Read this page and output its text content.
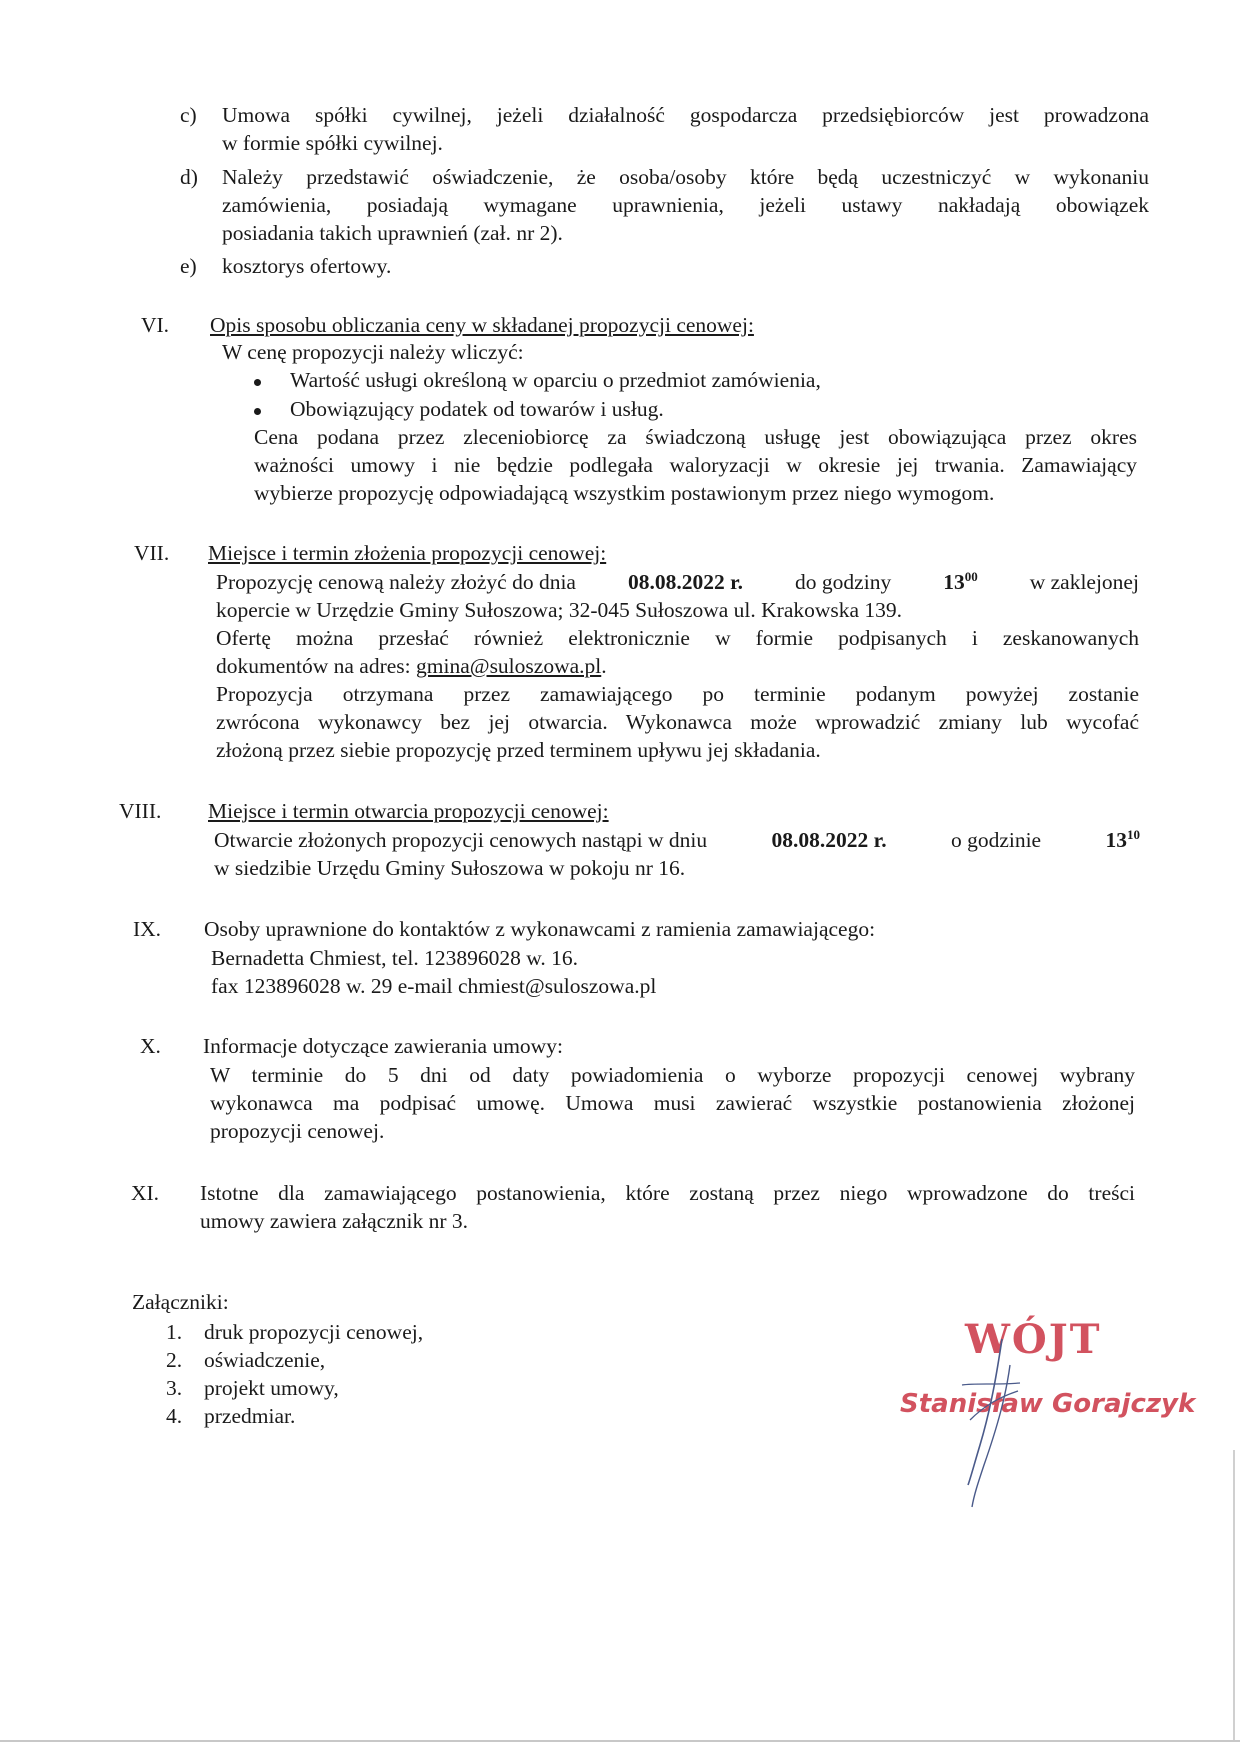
c) Umowa spółki cywilnej, jeżeli działalność gospodarcza przedsiębiorców jest prowadzona
w formie spółki cywilnej.
d) Należy przedstawić oświadczenie, że osoba/osoby które będą uczestniczyć w wykonaniu
zamówienia, posiadają wymagane uprawnienia, jeżeli ustawy nakładają obowiązek
posiadania takich uprawnień (zał. nr 2).
e) kosztorys ofertowy.
VI. Opis sposobu obliczania ceny w składanej propozycji cenowej:
W cenę propozycji należy wliczyć:
Wartość usługi określoną w oparciu o przedmiot zamówienia,
Obowiązujący podatek od towarów i usług.
Cena podana przez zleceniobiorcę za świadczoną usługę jest obowiązująca przez okres
ważności umowy i nie będzie podlegała waloryzacji w okresie jej trwania. Zamawiający
wybierze propozycję odpowiadającą wszystkim postawionym przez niego wymogom.
VII. Miejsce i termin złożenia propozycji cenowej:
Propozycję cenową należy złożyć do dnia 08.08.2022 r. do godziny $13^{00}$ w zaklejonej
kopercie w Urzędzie Gminy Sułoszowa; 32-045 Sułoszowa ul. Krakowska 139.
Ofertę można przesłać również elektronicznie w formie podpisanych i zeskanowanych
dokumentów na adres: gmina@suloszowa.pl.
Propozycja otrzymana przez zamawiającego po terminie podanym powyżej zostanie
zwrócona wykonawcy bez jej otwarcia. Wykonawca może wprowadzić zmiany lub wycofać
złożoną przez siebie propozycję przed terminem upływu jej składania.
VIII. Miejsce i termin otwarcia propozycji cenowej:
Otwarcie złożonych propozycji cenowych nastąpi w dniu	08.08.2022 r.	o godzinie	$13^{10}$
w siedzibie Urzędu Gminy Sułoszowa w pokoju nr 16.
IX. Osoby uprawnione do kontaktów z wykonawcami z ramienia zamawiającego:
Bernadetta Chmiest, tel. 123896028 w. 16.
fax 123896028 w. 29 e-mail chmiest@suloszowa.pl
X. Informacje dotyczące zawierania umowy:
W terminie do 5 dni od daty powiadomienia o wyborze propozycji cenowej wybrany
wykonawca ma podpisać umowę. Umowa musi zawierać wszystkie postanowienia złożonej
propozycji cenowej.
XI. Istotne dla zamawiającego postanowienia, które zostaną przez niego wprowadzone do treści
umowy zawiera załącznik nr 3.
Załączniki:
1. druk propozycji cenowej,
2. oświadczenie,
3. projekt umowy,
4. przedmiar.
WÓJT
Stanisław Gorajczyk
